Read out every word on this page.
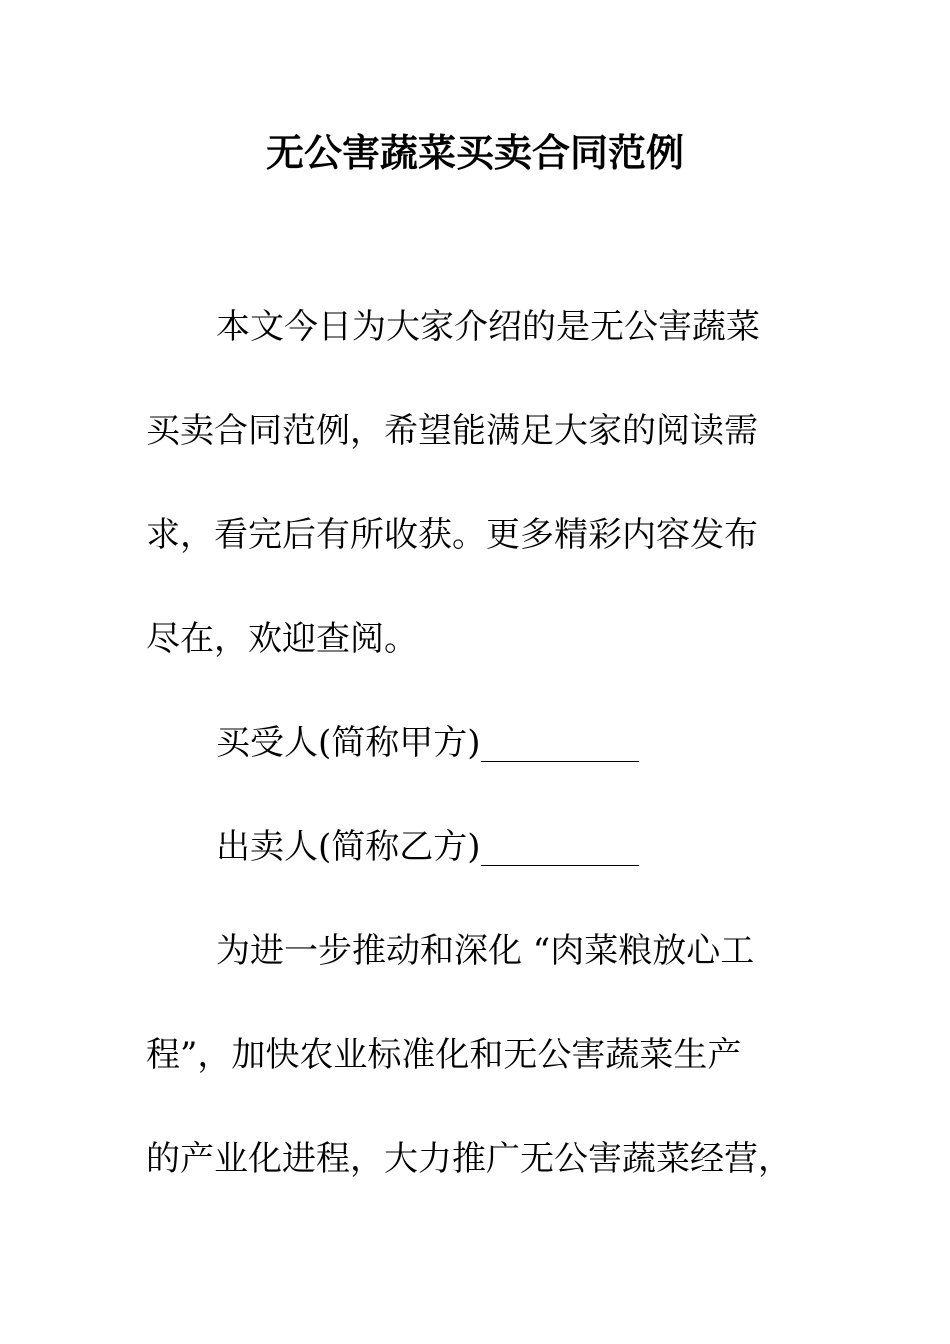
无公害蔬菜买卖合同范例
本文今日为大家介绍的是无公害蔬菜
买卖合同范例，希望能满足大家的阅读需
求，看完后有所收获。更多精彩内容发布
尽在，欢迎查阅。
买受人(简称甲方)
出卖人(简称乙方)
为进一步推动和深化 “肉菜粮放心工
程”，加快农业标准化和无公害蔬菜生产
的产业化进程，大力推广无公害蔬菜经营，
